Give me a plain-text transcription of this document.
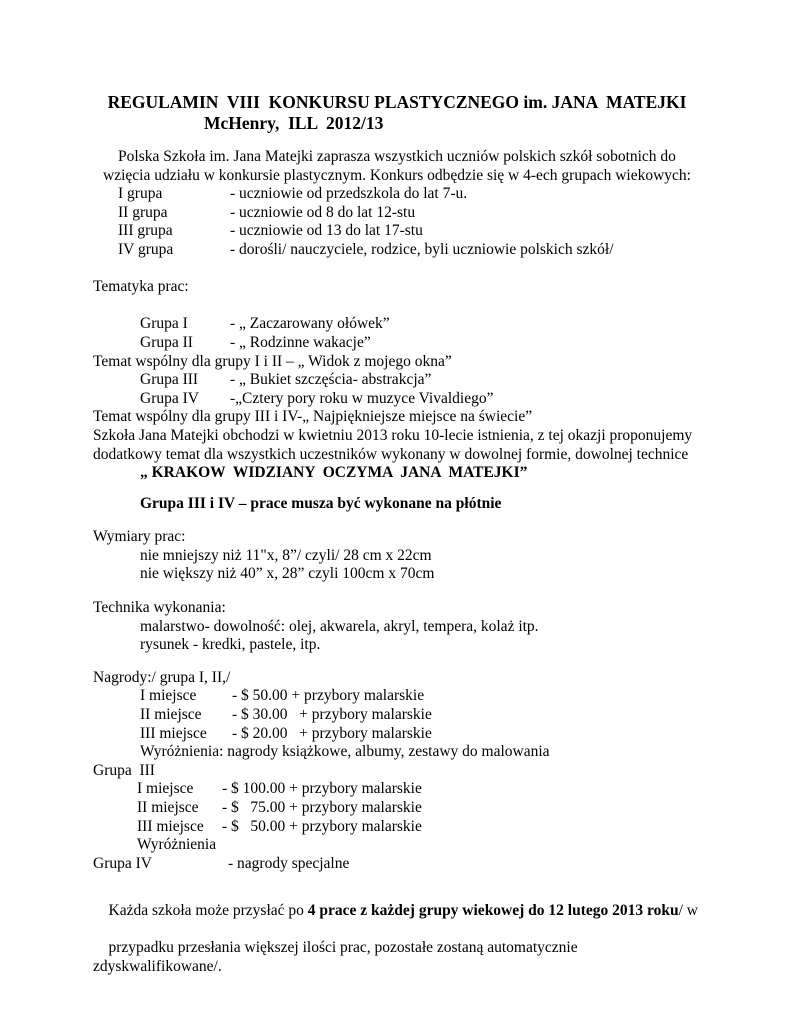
REGULAMIN  VIII  KONKURSU PLASTYCZNEGO im. JANA  MATEJKI
McHenry,  ILL  2012/13
Polska Szkoła im. Jana Matejki zaprasza wszystkich uczniów polskich szkół sobotnich do
wzięcia udziału w konkursie plastycznym. Konkurs odbędzie się w 4-ech grupach wiekowych:
I grupa	- uczniowie od przedszkola do lat 7-u.
II grupa	- uczniowie od 8 do lat 12-stu
III grupa	- uczniowie od 13 do lat 17-stu
IV grupa	- dorośli/ nauczyciele, rodzice, byli uczniowie polskich szkół/
Tematyka prac:
Grupa I	- „ Zaczarowany ołówek”
Grupa II	- „ Rodzinne wakacje”
Temat wspólny dla grupy I i II – „ Widok z mojego okna”
Grupa III	- „ Bukiet szczęścia- abstrakcja”
Grupa IV	-„Cztery pory roku w muzyce Vivaldiego”
Temat wspólny dla grupy III i IV-„ Najpiękniejsze miejsce na świecie”
Szkoła Jana Matejki obchodzi w kwietniu 2013 roku 10-lecie istnienia, z tej okazji proponujemy
dodatkowy temat dla wszystkich uczestników wykonany w dowolnej formie, dowolnej technice
„ KRAKOW  WIDZIANY  OCZYMA  JANA  MATEJKI”
Grupa III i IV – prace musza być wykonane na płótnie
Wymiary prac:
nie mniejszy niż 11"x, 8”/ czyli/ 28 cm x 22cm
nie większy niż 40” x, 28” czyli 100cm x 70cm
Technika wykonania:
malarstwo- dowolność: olej, akwarela, akryl, tempera, kolaż itp.
rysunek - kredki, pastele, itp.
Nagrody:/ grupa I, II,/
I miejsce	- $ 50.00 + przybory malarskie
II miejsce	- $ 30.00   + przybory malarskie
III miejsce	- $ 20.00   + przybory malarskie
Wyróżnienia: nagrody książkowe, albumy, zestawy do malowania
Grupa  III
I miejsce	- $ 100.00 + przybory malarskie
II miejsce	- $   75.00 + przybory malarskie
III miejsce	- $   50.00 + przybory malarskie
Wyróżnienia
Grupa IV	- nagrody specjalne

Każda szkoła może przysłać po 4 prace z każdej grupy wiekowej do 12 lutego 2013 roku/ w

przypadku przesłania większej ilości prac, pozostałe zostaną automatycznie zdyskwalifikowane/.
